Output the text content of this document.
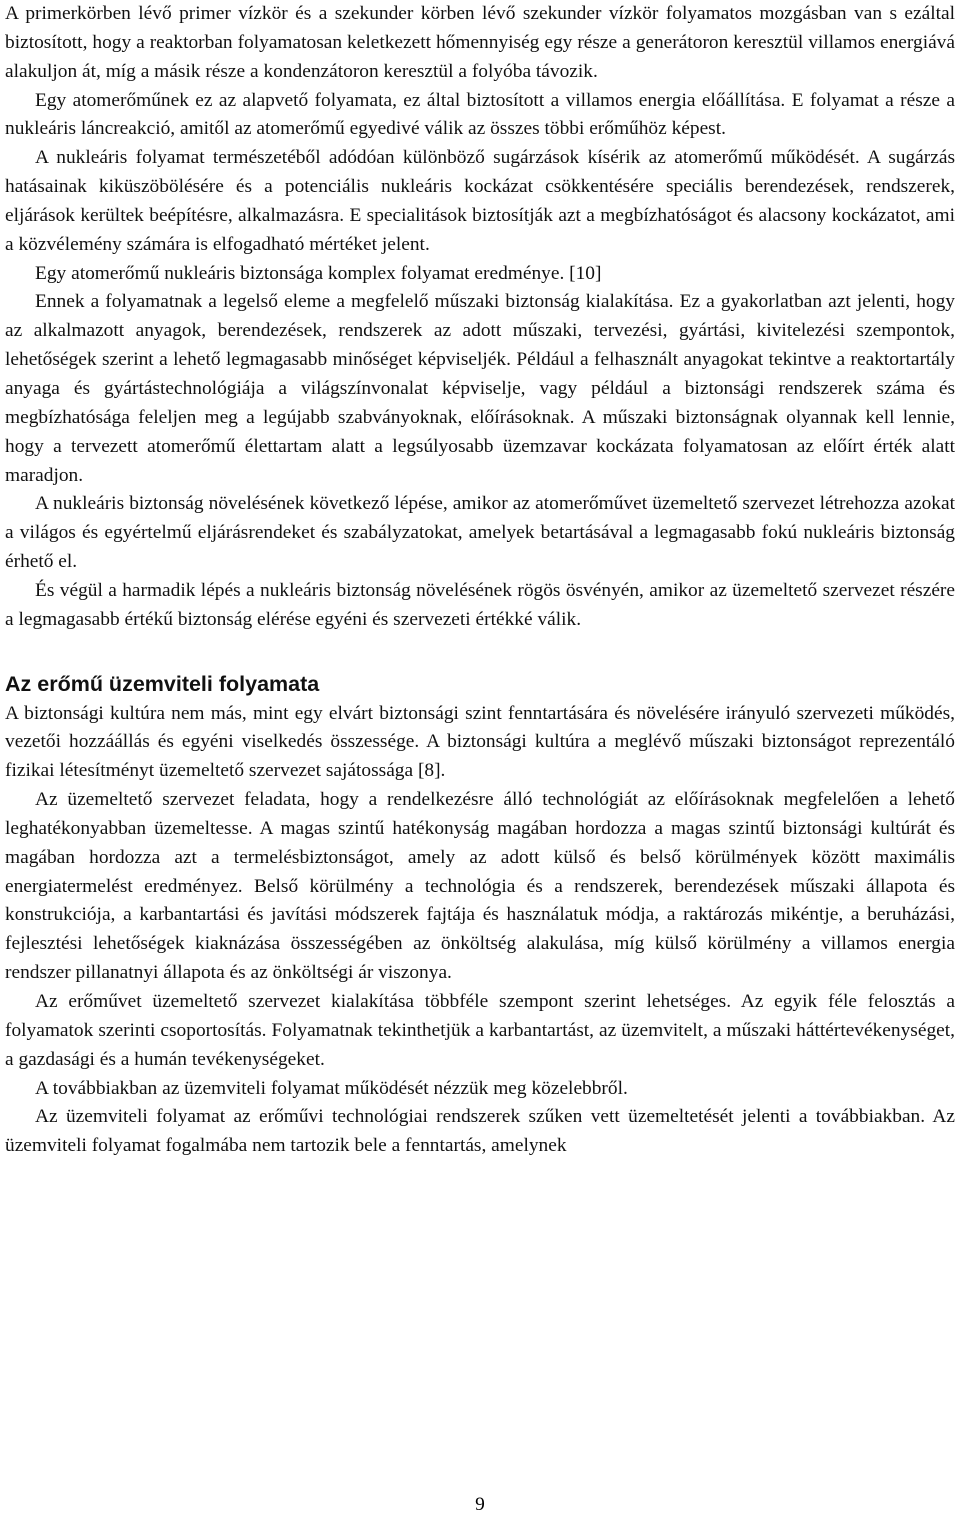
A primerkörben lévő primer vízkör és a szekunder körben lévő szekunder vízkör folyamatos mozgásban van s ezáltal biztosított, hogy a reaktorban folyamatosan keletkezett hőmennyiség egy része a generátoron keresztül villamos energiává alakuljon át, míg a másik része a kondenzátoron keresztül a folyóba távozik.

Egy atomerőműnek ez az alapvető folyamata, ez által biztosított a villamos energia előállítása. E folyamat a része a nukleáris láncreakció, amitől az atomerőmű egyedivé válik az összes többi erőműhöz képest.

A nukleáris folyamat természetéből adódóan különböző sugárzások kísérik az atomerőmű működését. A sugárzás hatásainak kiküszöbölésére és a potenciális nukleáris kockázat csökkentésére speciális berendezések, rendszerek, eljárások kerültek beépítésre, alkalmazásra. E specialitások biztosítják azt a megbízhatóságot és alacsony kockázatot, ami a közvélemény számára is elfogadható mértéket jelent.

Egy atomerőmű nukleáris biztonsága komplex folyamat eredménye. [10]

Ennek a folyamatnak a legelső eleme a megfelelő műszaki biztonság kialakítása. Ez a gyakorlatban azt jelenti, hogy az alkalmazott anyagok, berendezések, rendszerek az adott műszaki, tervezési, gyártási, kivitelezési szempontok, lehetőségek szerint a lehető legmagasabb minőséget képviseljék. Például a felhasznált anyagokat tekintve a reaktortartály anyaga és gyártástechnológiája a világszínvonalat képviselje, vagy például a biztonsági rendszerek száma és megbízhatósága feleljen meg a legújabb szabványoknak, előírásoknak. A műszaki biztonságnak olyannak kell lennie, hogy a tervezett atomerőmű élettartam alatt a legsúlyosabb üzemzavar kockázata folyamatosan az előírt érték alatt maradjon.

A nukleáris biztonság növelésének következő lépése, amikor az atomerőművet üzemeltető szervezet létrehozza azokat a világos és egyértelmű eljárásrendeket és szabályzatokat, amelyek betartásával a legmagasabb fokú nukleáris biztonság érhető el.

És végül a harmadik lépés a nukleáris biztonság növelésének rögös ösvényén, amikor az üzemeltető szervezet részére a legmagasabb értékű biztonság elérése egyéni és szervezeti értékké válik.

Az erőmű üzemviteli folyamata

A biztonsági kultúra nem más, mint egy elvárt biztonsági szint fenntartására és növelésére irányuló szervezeti működés, vezetői hozzáállás és egyéni viselkedés összessége. A biztonsági kultúra a meglévő műszaki biztonságot reprezentáló fizikai létesítményt üzemeltető szervezet sajátossága [8].

Az üzemeltető szervezet feladata, hogy a rendelkezésre álló technológiát az előírásoknak megfelelően a lehető leghatékonyabban üzemeltesse. A magas szintű hatékonyság magában hordozza a magas szintű biztonsági kultúrát és magában hordozza azt a termelésbiztonságot, amely az adott külső és belső körülmények között maximális energiatermelést eredményez. Belső körülmény a technológia és a rendszerek, berendezések műszaki állapota és konstrukciója, a karbantartási és javítási módszerek fajtája és használatuk módja, a raktározás mikéntje, a beruházási, fejlesztési lehetőségek kiaknázása összességében az önköltség alakulása, míg külső körülmény a villamos energia rendszer pillanatnyi állapota és az önköltségi ár viszonya.

Az erőművet üzemeltető szervezet kialakítása többféle szempont szerint lehetséges. Az egyik féle felosztás a folyamatok szerinti csoportosítás. Folyamatnak tekinthetjük a karbantartást, az üzemvitelt, a műszaki háttértevékenységet, a gazdasági és a humán tevékenységeket.

A továbbiakban az üzemviteli folyamat működését nézzük meg közelebbről.

Az üzemviteli folyamat az erőművi technológiai rendszerek szűken vett üzemeltetését jelenti a továbbiakban. Az üzemviteli folyamat fogalmába nem tartozik bele a fenntartás, amelynek

9
